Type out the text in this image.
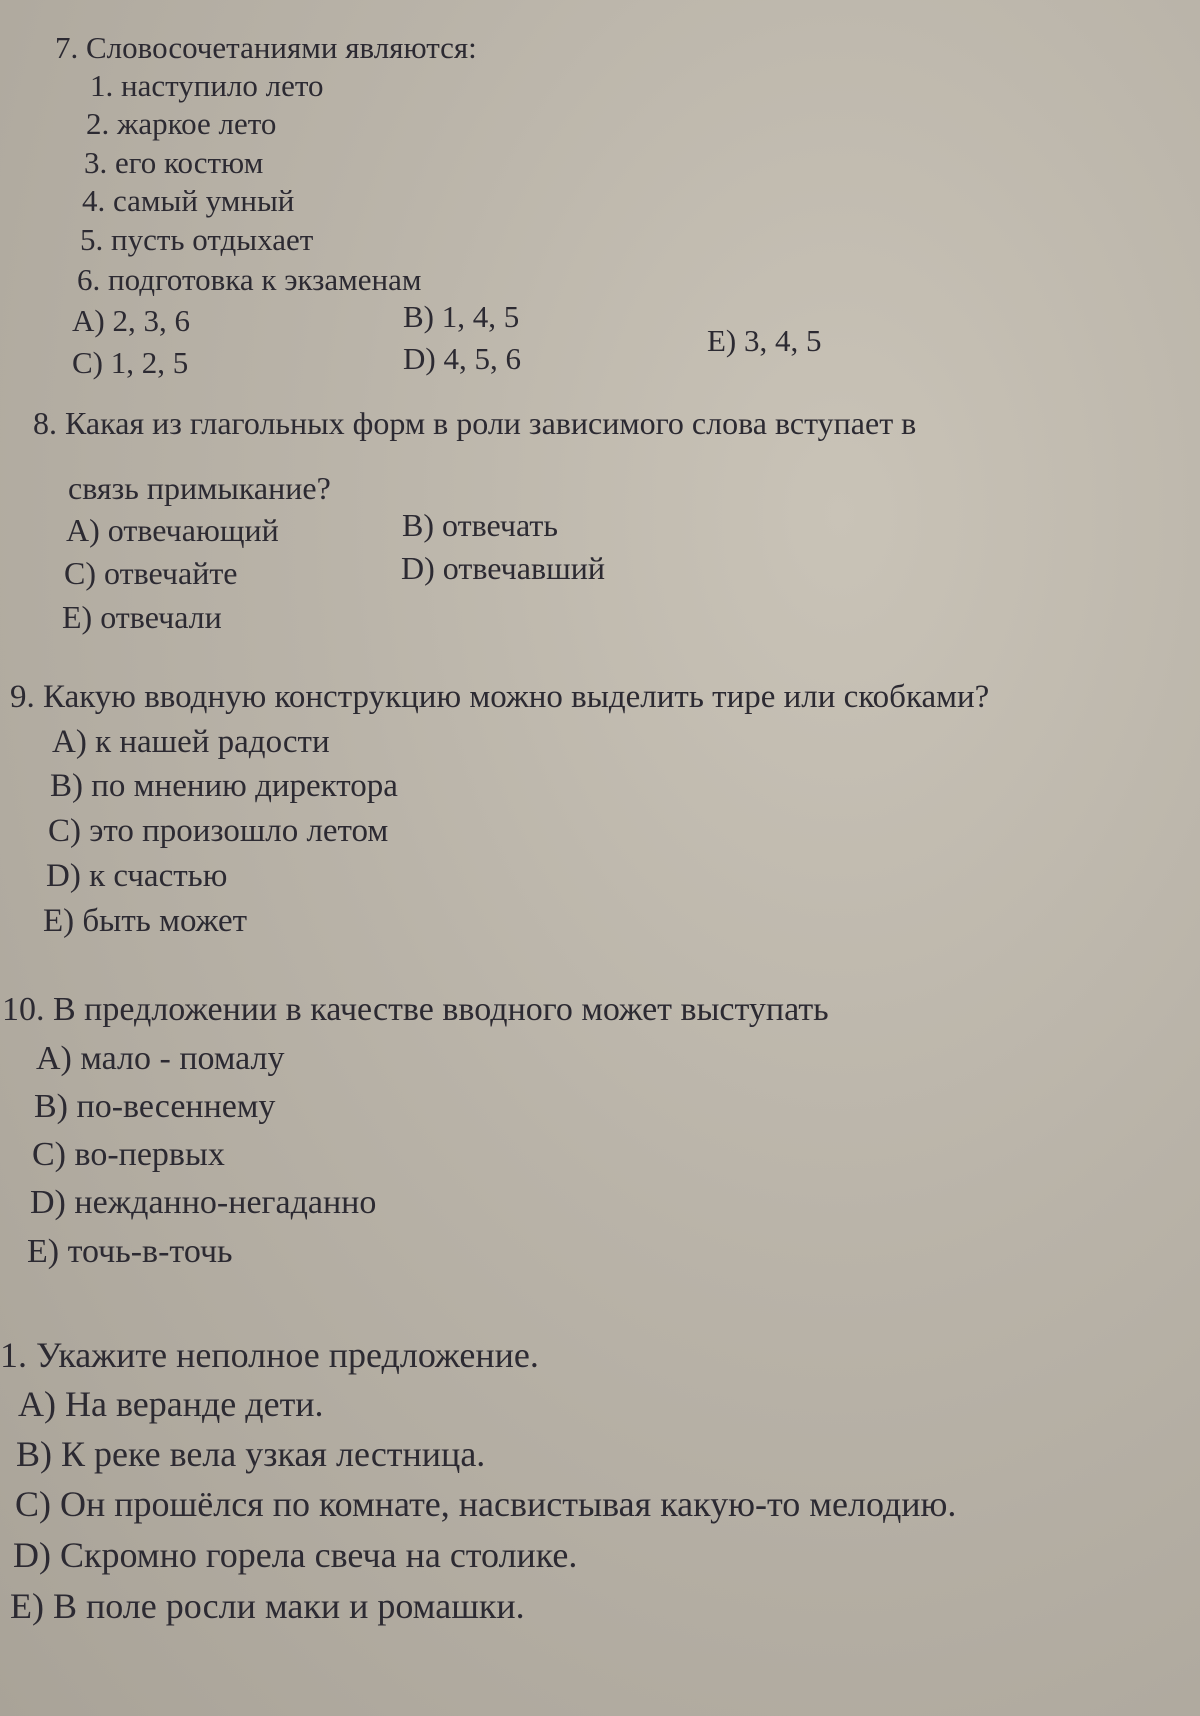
7. Словосочетаниями являются:
1. наступило лето
2. жаркое лето
3. его костюм
4. самый умный
5. пусть отдыхает
6. подготовка к экзаменам
A) 2, 3, 6	B) 1, 4, 5
C) 1, 2, 5	D) 4, 5, 6
E) 3, 4, 5
8. Какая из глагольных форм в роли зависимого слова вступает в
связь примыкание?
A) отвечающий	B) отвечать
C) отвечайте	D) отвечавший
E) отвечали
9. Какую вводную конструкцию можно выделить тире или скобками?
A) к нашей радости
B) по мнению директора
C) это произошло летом
D) к счастью
E) быть может
10. В предложении в качестве вводного может выступать
A) мало - помалу
B) по-весеннему
C) во-первых
D) нежданно-негаданно
E) точь-в-точь
1. Укажите неполное предложение.
A) На веранде дети.
B) К реке вела узкая лестница.
C) Он прошёлся по комнате, насвистывая какую-то мелодию.
D) Скромно горела свеча на столике.
E) В поле росли маки и ромашки.
